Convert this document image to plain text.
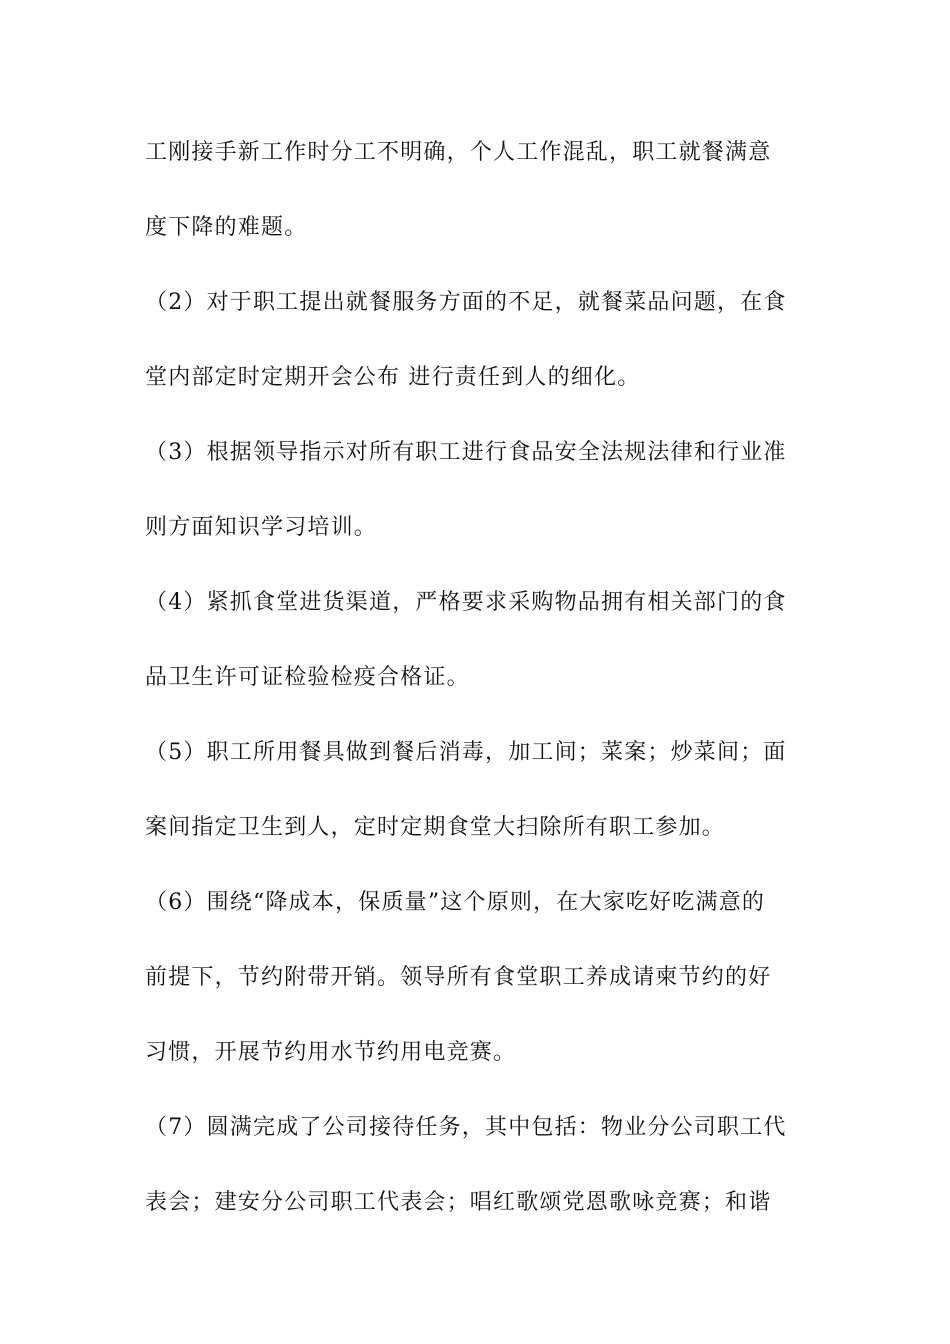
工刚接手新工作时分工不明确，个人工作混乱，职工就餐满意
度下降的难题。
（2）对于职工提出就餐服务方面的不足，就餐菜品问题，在食
堂内部定时定期开会公布 进行责任到人的细化。
（3）根据领导指示对所有职工进行食品安全法规法律和行业准
则方面知识学习培训。
（4）紧抓食堂进货渠道，严格要求采购物品拥有相关部门的食
品卫生许可证检验检疫合格证。
（5）职工所用餐具做到餐后消毒，加工间；菜案；炒菜间；面
案间指定卫生到人，定时定期食堂大扫除所有职工参加。
（6）围绕“降成本，保质量”这个原则，在大家吃好吃满意的
前提下，节约附带开销。领导所有食堂职工养成请柬节约的好
习惯，开展节约用水节约用电竞赛。
（7）圆满完成了公司接待任务，其中包括：物业分公司职工代
表会；建安分公司职工代表会；唱红歌颂党恩歌咏竞赛；和谐
